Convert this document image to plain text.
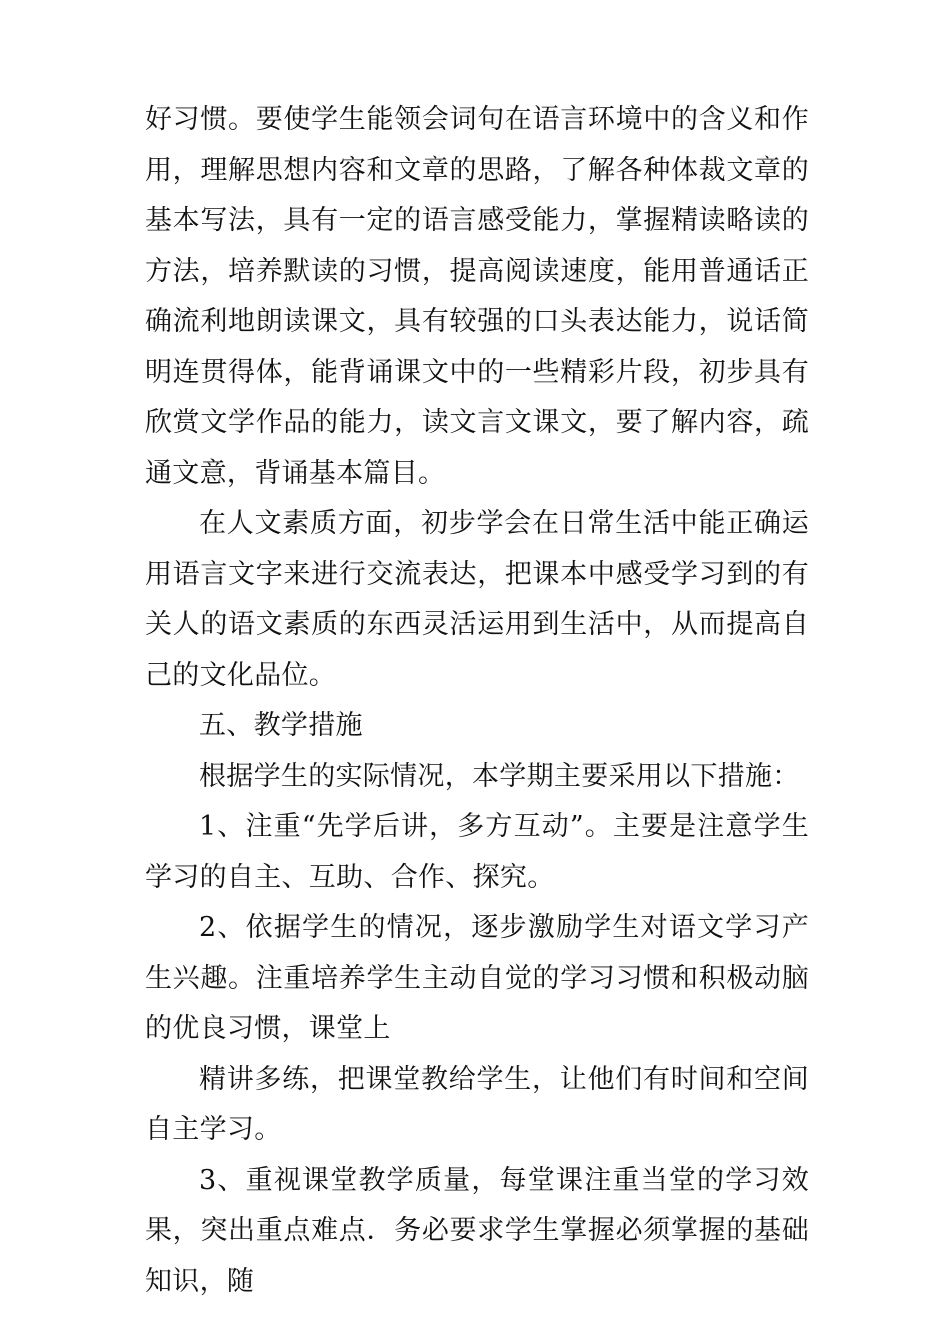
好习惯。要使学生能领会词句在语言环境中的含义和作用，理解思想内容和文章的思路，了解各种体裁文章的基本写法，具有一定的语言感受能力，掌握精读略读的方法，培养默读的习惯，提高阅读速度，能用普通话正确流利地朗读课文，具有较强的口头表达能力，说话简明连贯得体，能背诵课文中的一些精彩片段，初步具有欣赏文学作品的能力，读文言文课文，要了解内容，疏通文意，背诵基本篇目。

在人文素质方面，初步学会在日常生活中能正确运用语言文字来进行交流表达，把课本中感受学习到的有关人的语文素质的东西灵活运用到生活中，从而提高自己的文化品位。

五、教学措施

根据学生的实际情况，本学期主要采用以下措施：

1、注重“先学后讲，多方互动”。主要是注意学生学习的自主、互助、合作、探究。

2、依据学生的情况，逐步激励学生对语文学习产生兴趣。注重培养学生主动自觉的学习习惯和积极动脑的优良习惯，课堂上

精讲多练，把课堂教给学生，让他们有时间和空间自主学习。

3、重视课堂教学质量，每堂课注重当堂的学习效果，突出重点难点．务必要求学生掌握必须掌握的基础知识，随
